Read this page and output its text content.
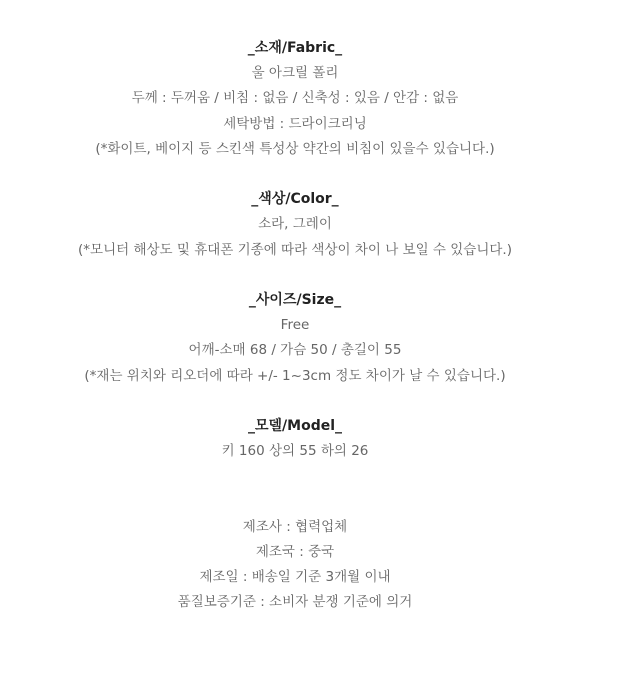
_소재/Fabric_
울 아크릴 폴리
두께 : 두꺼움 / 비침 : 없음 / 신축성 : 있음 / 안감 : 없음
세탁방법 : 드라이크리닝
(*화이트, 베이지 등 스킨색 특성상 약간의 비침이 있을수 있습니다.)
_색상/Color_
소라, 그레이
(*모니터 해상도 및 휴대폰 기종에 따라 색상이 차이 나 보일 수 있습니다.)
_사이즈/Size_
Free
어깨-소매 68 / 가슴 50 / 총길이 55
(*재는 위치와 리오더에 따라 +/- 1~3cm 정도 차이가 날 수 있습니다.)
_모델/Model_
키 160 상의 55 하의 26
제조사 : 협력업체
제조국 : 중국
제조일 : 배송일 기준 3개월 이내
품질보증기준 : 소비자 분쟁 기준에 의거
